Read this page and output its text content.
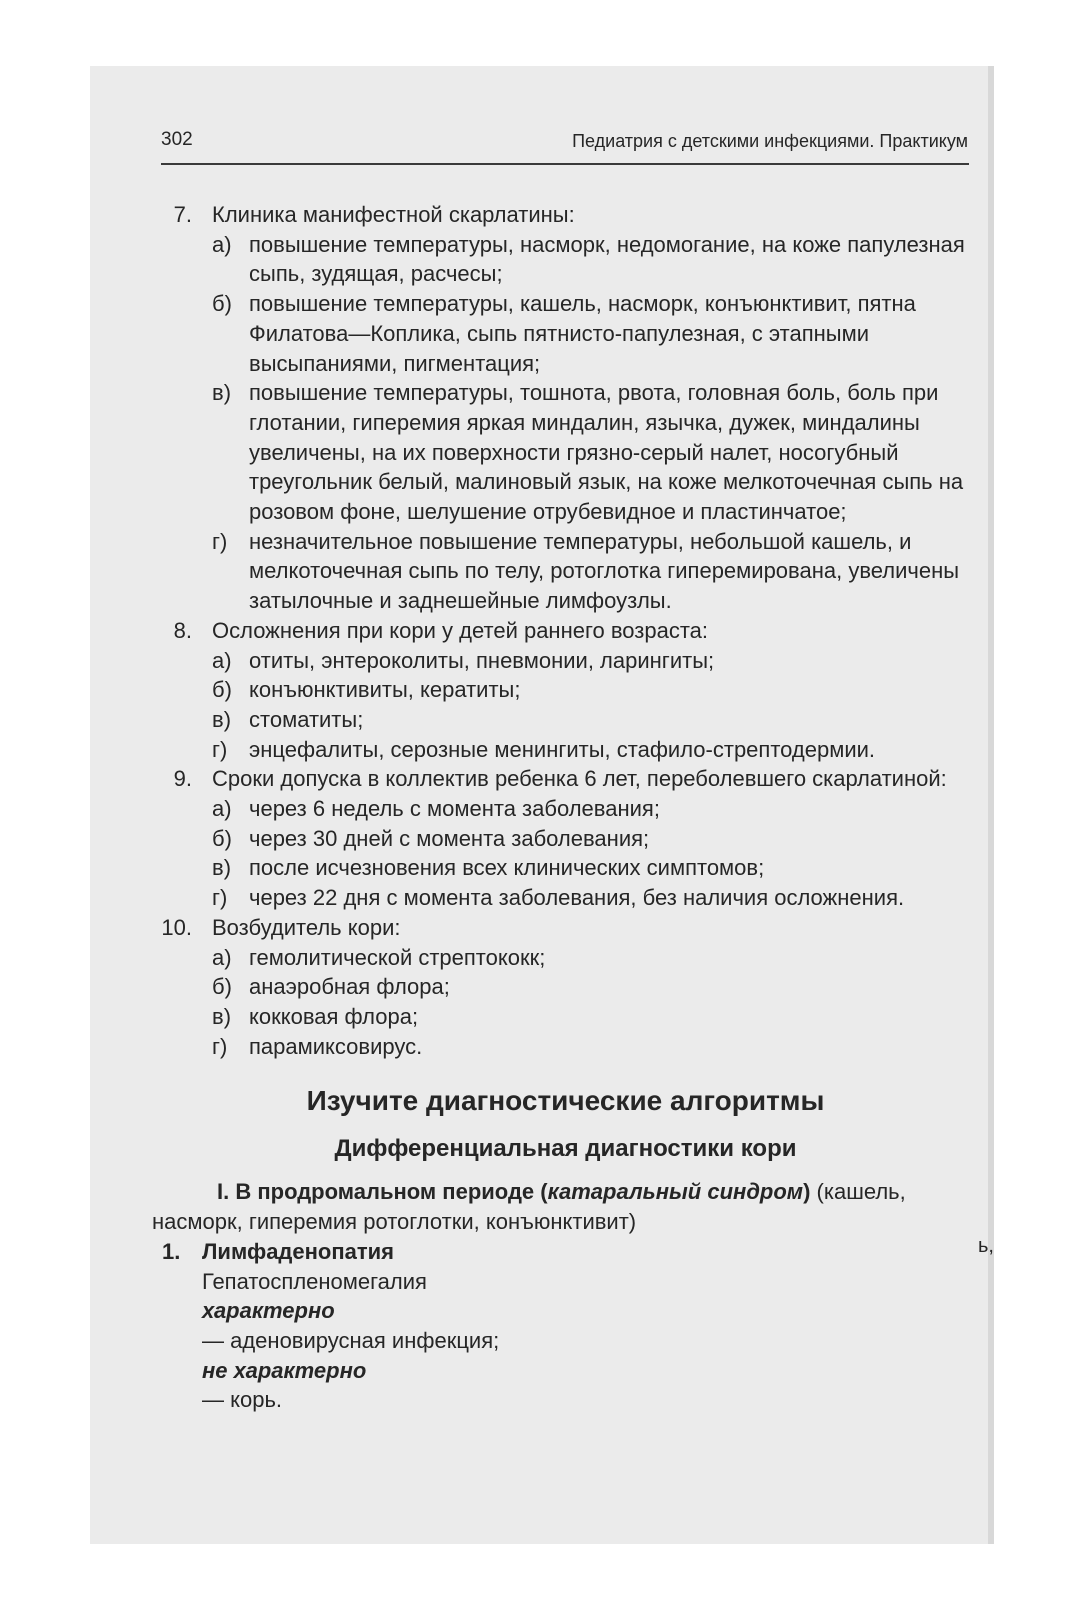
302	Педиатрия с детскими инфекциями. Практикум
7. Клиника манифестной скарлатины:
а) повышение температуры, насморк, недомогание, на коже папулезная сыпь, зудящая, расчесы;
б) повышение температуры, кашель, насморк, конъюнктивит, пятна Филатова—Коплика, сыпь пятнисто-папулезная, с этапными высыпаниями, пигментация;
в) повышение температуры, тошнота, рвота, головная боль, боль при глотании, гиперемия яркая миндалин, язычка, дужек, миндалины увеличены, на их поверхности грязно-серый налет, носогубный треугольник белый, малиновый язык, на коже мелкоточечная сыпь на розовом фоне, шелушение отрубевидное и пластинчатое;
г) незначительное повышение температуры, небольшой кашель, и мелкоточечная сыпь по телу, ротоглотка гиперемирована, увеличены затылочные и заднешейные лимфоузлы.
8. Осложнения при кори у детей раннего возраста:
а) отиты, энтероколиты, пневмонии, ларингиты;
б) конъюнктивиты, кератиты;
в) стоматиты;
г) энцефалиты, серозные менингиты, стафило-стрептодермии.
9. Сроки допуска в коллектив ребенка 6 лет, переболевшего скарлатиной:
а) через 6 недель с момента заболевания;
б) через 30 дней с момента заболевания;
в) после исчезновения всех клинических симптомов;
г) через 22 дня с момента заболевания, без наличия осложнения.
10. Возбудитель кори:
а) гемолитической стрептококк;
б) анаэробная флора;
в) кокковая флора;
г) парамиксовирус.
Изучите диагностические алгоритмы
Дифференциальная диагностики кори
I. В продромальном периоде (катаральный синдром) (кашель, насморк, гиперемия ротоглотки, конъюнктивит)
1. Лимфаденопатия
Гепатоспленомегалия
характерно
— аденовирусная инфекция;
не характерно
— корь.
ь,
